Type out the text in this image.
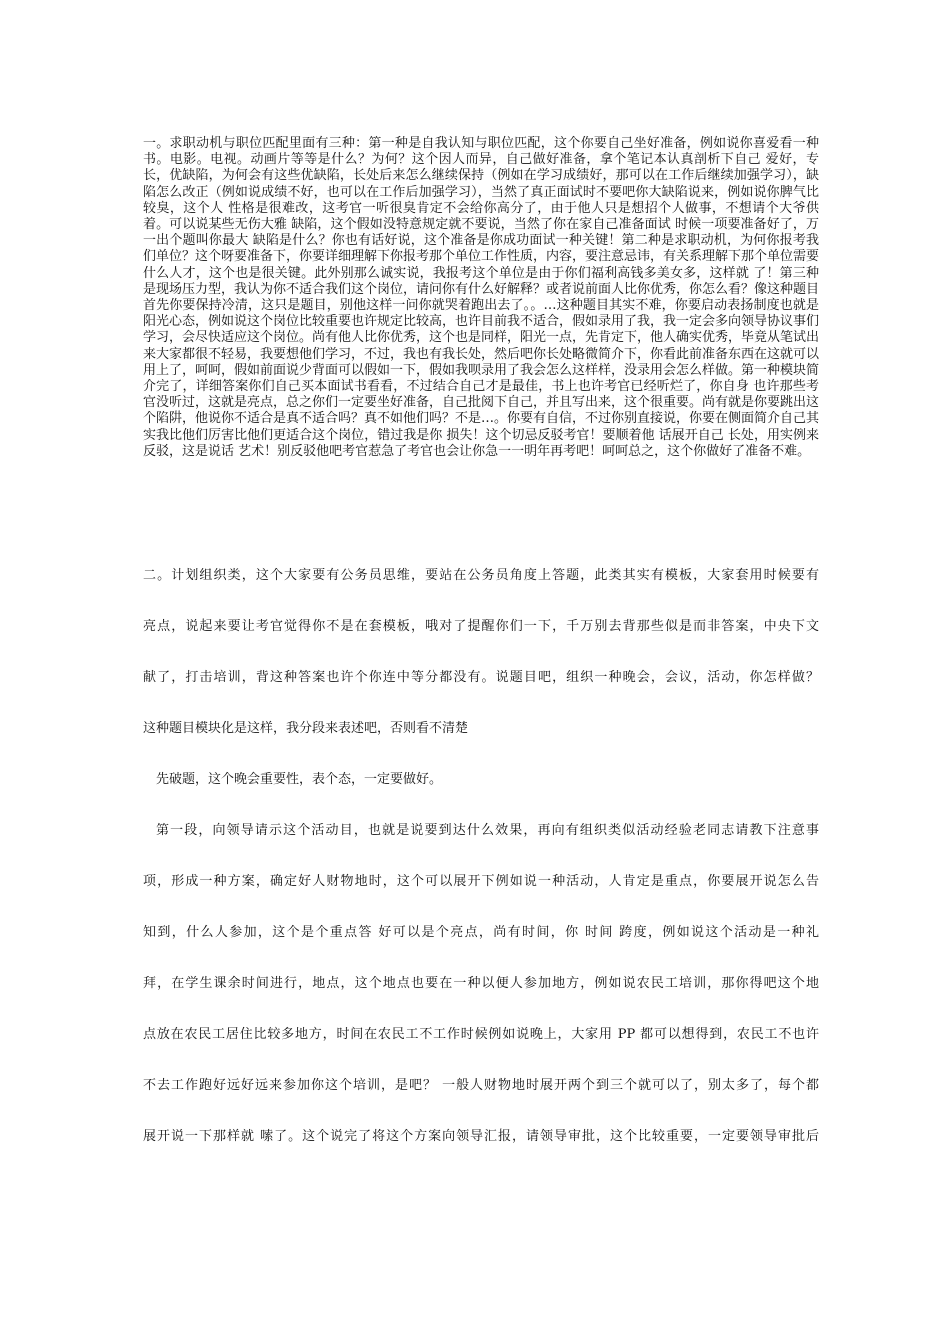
一。求职动机与职位匹配里面有三种：第一种是自我认知与职位匹配，这个你要自己坐好准备，例如说你喜爱看一种书。电影。电视。动画片等等是什么？为何？这个因人而异，自己做好准备，拿个笔记本认真剖析下自己 爱好，专长，优缺陷，为何会有这些优缺陷，长处后来怎么继续保持（例如在学习成绩好，那可以在工作后继续加强学习），缺陷怎么改正（例如说成绩不好，也可以在工作后加强学习），当然了真正面试时不要吧你大缺陷说来，例如说你脾气比较臭，这个人 性格是很难改，这考官一听很臭肯定不会给你高分了，由于他人只是想招个人做事，不想请个大爷供着。可以说某些无伤大雅 缺陷，这个假如没特意规定就不要说，当然了你在家自己准备面试 时候一项要准备好了，万一出个题叫你最大 缺陷是什么？你也有话好说，这个准备是你成功面试一种关键！第二种是求职动机，为何你报考我们单位？这个呀要准备下，你要详细理解下你报考那个单位工作性质，内容，要注意忌讳，有关系理解下那个单位需要什么人才，这个也是很关键。此外别那么诚实说，我报考这个单位是由于你们福利高钱多美女多，这样就 了！第三种是现场压力型，我认为你不适合我们这个岗位，请问你有什么好解释？或者说前面人比你优秀，你怎么看？像这种题目首先你要保持冷清，这只是题目，别他这样一问你就哭着跑出去了。。…这种题目其实不难，你要启动表扬制度也就是阳光心态，例如说这个岗位比较重要也许规定比较高，也许目前我不适合，假如录用了我，我一定会多向领导协议事们学习，会尽快适应这个岗位。尚有他人比你优秀，这个也是同样，阳光一点，先肯定下，他人确实优秀，毕竟从笔试出来大家都很不轻易，我要想他们学习，不过，我也有我长处，然后吧你长处略微简介下，你看此前准备东西在这就可以用上了，呵呵，假如前面说少背面可以假如一下，假如我呗录用了我会怎么这样样，没录用会怎么样做。第一种模块简介完了，详细答案你们自己买本面试书看看，不过结合自己才是最佳，书上也许考官已经听烂了，你自身 也许那些考官没听过，这就是亮点，总之你们一定要坐好准备，自己批阅下自己，并且写出来，这个很重要。尚有就是你要跳出这个陷阱，他说你不适合是真不适合吗？真不如他们吗？不是…。你要有自信，不过你别直接说，你要在侧面简介自己其实我比他们厉害比他们更适合这个岗位，错过我是你 损失！这个切忌反驳考官！要顺着他 话展开自己 长处，用实例来反驳，这是说话 艺术！别反驳他吧考官惹急了考官也会让你急一一明年再考吧！呵呵总之，这个你做好了准备不难。

二。计划组织类，这个大家要有公务员思维，要站在公务员角度上答题，此类其实有模板，大家套用时候要有

亮点，说起来要让考官觉得你不是在套模板，哦对了提醒你们一下，千万别去背那些似是而非答案，中央下文

献了，打击培训，背这种答案也许个你连中等分都没有。说题目吧，组织一种晚会，会议，活动，你怎样做？

这种题目模块化是这样，我分段来表述吧，否则看不清楚

先破题，这个晚会重要性，表个态，一定要做好。

第一段，向领导请示这个活动目，也就是说要到达什么效果，再向有组织类似活动经验老同志请教下注意事

项，形成一种方案，确定好人财物地时，这个可以展开下例如说一种活动，人肯定是重点，你要展开说怎么告

知到，什么人参加，这个是个重点答 好可以是个亮点，尚有时间，你 时间 跨度，例如说这个活动是一种礼

拜，在学生课余时间进行，地点，这个地点也要在一种以便人参加地方，例如说农民工培训，那你得吧这个地

点放在农民工居住比较多地方，时间在农民工不工作时候例如说晚上，大家用 PP 都可以想得到，农民工不也许

不去工作跑好远好远来参加你这个培训，是吧？ 一般人财物地时展开两个到三个就可以了，别太多了，每个都

展开说一下那样就 嗦了。这个说完了将这个方案向领导汇报，请领导审批，这个比较重要，一定要领导审批后
